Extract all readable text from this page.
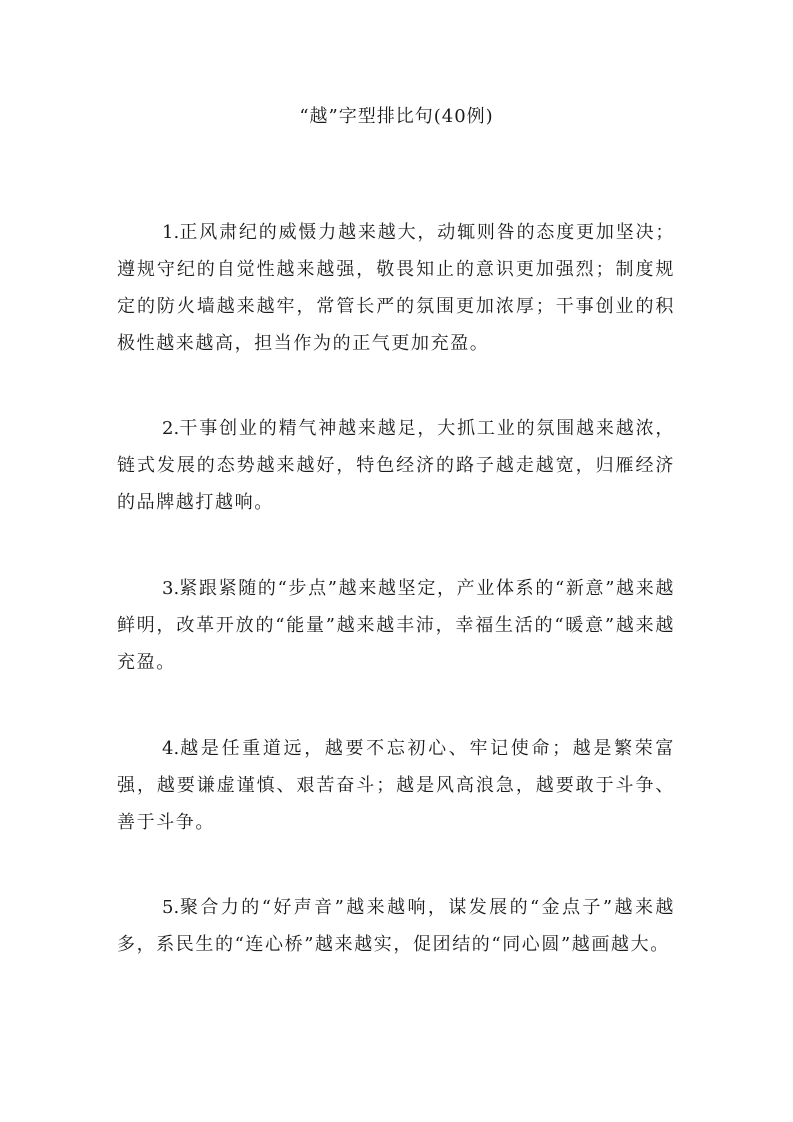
“越”字型排比句(40例)

1.正风肃纪的威慑力越来越大，动辄则咎的态度更加坚决；遵规守纪的自觉性越来越强，敬畏知止的意识更加强烈；制度规定的防火墙越来越牢，常管长严的氛围更加浓厚；干事创业的积极性越来越高，担当作为的正气更加充盈。

2.干事创业的精气神越来越足，大抓工业的氛围越来越浓，链式发展的态势越来越好，特色经济的路子越走越宽，归雁经济的品牌越打越响。

3.紧跟紧随的“步点”越来越坚定，产业体系的“新意”越来越鲜明，改革开放的“能量”越来越丰沛，幸福生活的“暖意”越来越充盈。

4.越是任重道远，越要不忘初心、牢记使命；越是繁荣富强，越要谦虚谨慎、艰苦奋斗；越是风高浪急，越要敢于斗争、善于斗争。

5.聚合力的“好声音”越来越响，谋发展的“金点子”越来越多，系民生的“连心桥”越来越实，促团结的“同心圆”越画越大。
